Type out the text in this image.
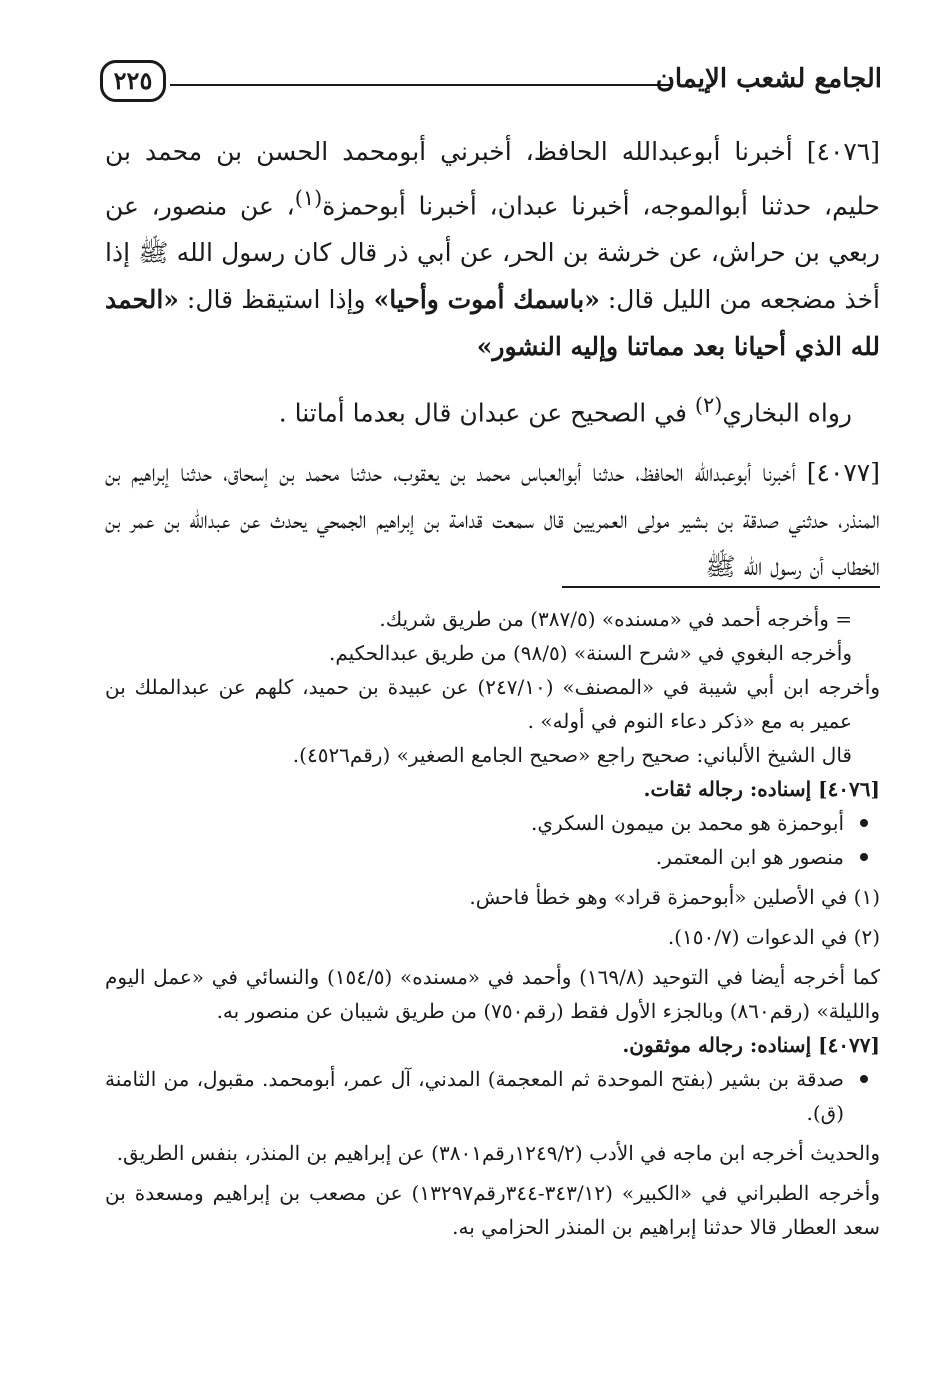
الجامع لشعب الإيمان
٢٢٥

[٤٠٧٦] أخبرنا أبوعبدالله الحافظ، أخبرني أبومحمد الحسن بن محمد بن حليم، حدثنا أبوالموجه، أخبرنا عبدان، أخبرنا أبوحمزة$^{(١)}$، عن منصور، عن ربعي بن حراش، عن خرشة بن الحر، عن أبي ذر قال كان رسول الله ﷺ إذا أخذ مضجعه من الليل قال: «باسمك أموت وأحيا» وإذا استيقظ قال: «الحمد لله الذي أحيانا بعد مماتنا وإليه النشور»

رواه البخاري$^{(٢)}$ في الصحيح عن عبدان قال بعدما أماتنا .

[٤٠٧٧] أخبرنا أبوعبدالله الحافظ، حدثنا أبوالعباس محمد بن يعقوب، حدثنا محمد بن إسحاق، حدثنا إبراهيم بن المنذر، حدثني صدقة بن بشير مولى العمريين قال سمعت قدامة بن إبراهيم الجمحي يحدث عن عبدالله بن عمر بن الخطاب أن رسول الله ﷺ

= وأخرجه أحمد في «مسنده» (٣٨٧/٥) من طريق شريك.

وأخرجه البغوي في «شرح السنة» (٩٨/٥) من طريق عبدالحكيم.

وأخرجه ابن أبي شيبة في «المصنف» (٢٤٧/١٠) عن عبيدة بن حميد، كلهم عن عبدالملك بن عمير به مع «ذكر دعاء النوم في أوله» .

قال الشيخ الألباني: صحيح راجع «صحيح الجامع الصغير» (رقم٤٥٢٦).

[٤٠٧٦] إسناده: رجاله ثقات.

أبوحمزة هو محمد بن ميمون السكري.

منصور هو ابن المعتمر.

(١) في الأصلين «أبوحمزة قراد» وهو خطأ فاحش.

(٢) في الدعوات (١٥٠/٧).

كما أخرجه أيضا في التوحيد (١٦٩/٨) وأحمد في «مسنده» (١٥٤/٥) والنسائي في «عمل اليوم والليلة» (رقم٨٦٠) وبالجزء الأول فقط (رقم٧٥٠) من طريق شيبان عن منصور به.

[٤٠٧٧] إسناده: رجاله موثقون.

صدقة بن بشير (بفتح الموحدة ثم المعجمة) المدني، آل عمر، أبومحمد. مقبول، من الثامنة (ق).

والحديث أخرجه ابن ماجه في الأدب (١٢٤٩/٢رقم٣٨٠١) عن إبراهيم بن المنذر، بنفس الطريق.

وأخرجه الطبراني في «الكبير» (٣٤٣/١٢-٣٤٤رقم١٣٢٩٧) عن مصعب بن إبراهيم ومسعدة بن سعد العطار قالا حدثنا إبراهيم بن المنذر الحزامي به.
